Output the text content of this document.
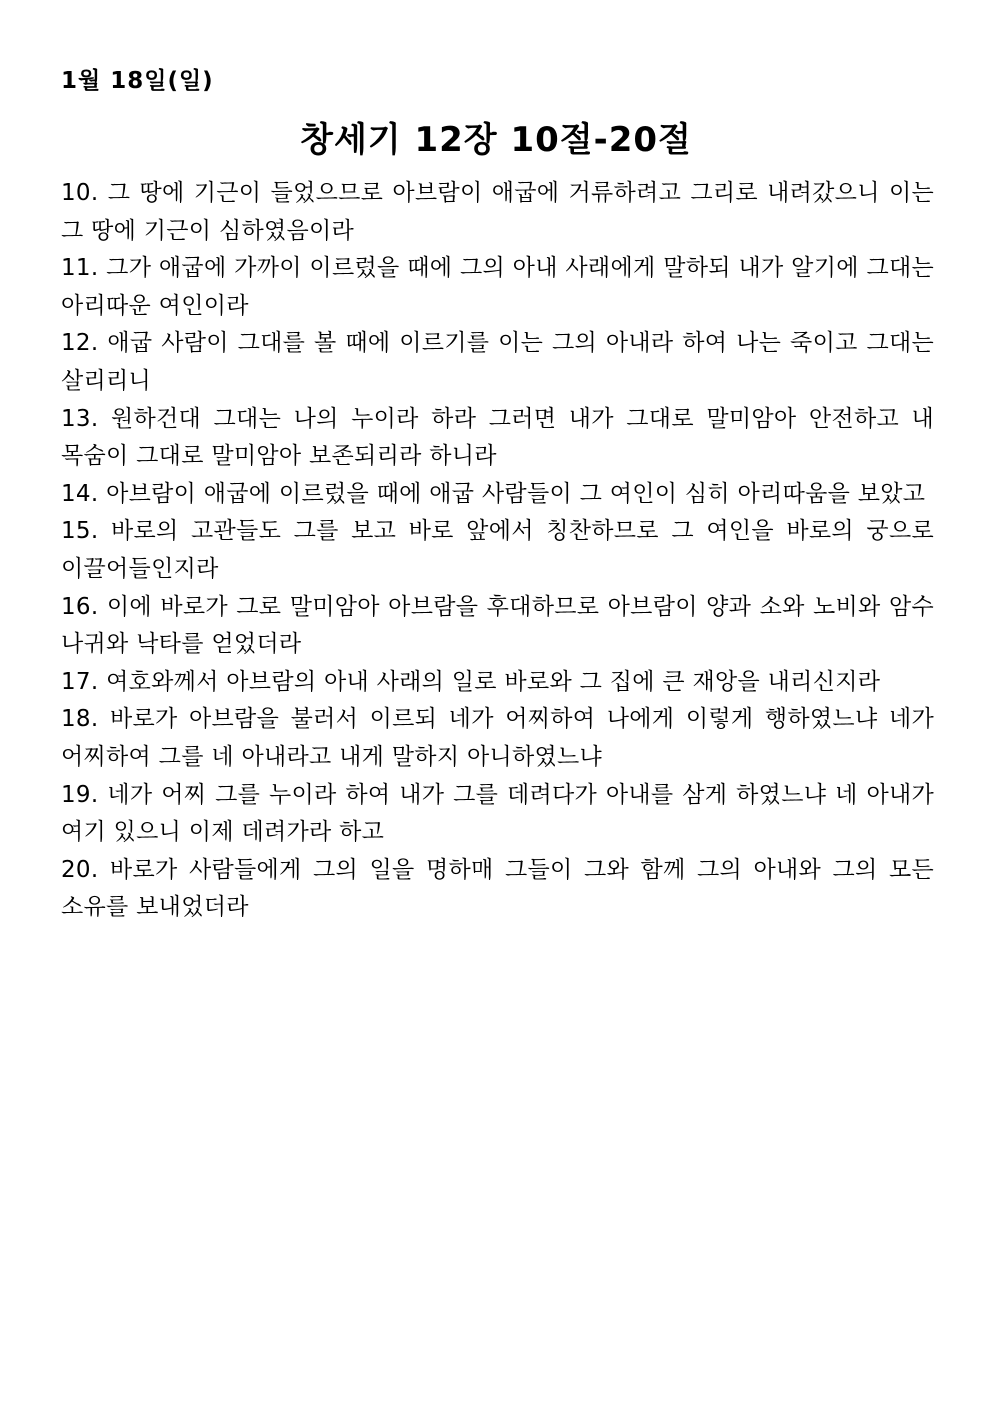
1월 18일(일)
창세기 12장 10절-20절

10. 그 땅에 기근이 들었으므로 아브람이 애굽에 거류하려고 그리로 내려갔으니 이는 그 땅에 기근이 심하였음이라

11. 그가 애굽에 가까이 이르렀을 때에 그의 아내 사래에게 말하되 내가 알기에 그대는 아리따운 여인이라

12. 애굽 사람이 그대를 볼 때에 이르기를 이는 그의 아내라 하여 나는 죽이고 그대는 살리리니

13. 원하건대 그대는 나의 누이라 하라 그러면 내가 그대로 말미암아 안전하고 내 목숨이 그대로 말미암아 보존되리라 하니라

14. 아브람이 애굽에 이르렀을 때에 애굽 사람들이 그 여인이 심히 아리따움을 보았고

15. 바로의 고관들도 그를 보고 바로 앞에서 칭찬하므로 그 여인을 바로의 궁으로 이끌어들인지라

16. 이에 바로가 그로 말미암아 아브람을 후대하므로 아브람이 양과 소와 노비와 암수 나귀와 낙타를 얻었더라

17. 여호와께서 아브람의 아내 사래의 일로 바로와 그 집에 큰 재앙을 내리신지라

18. 바로가 아브람을 불러서 이르되 네가 어찌하여 나에게 이렇게 행하였느냐 네가 어찌하여 그를 네 아내라고 내게 말하지 아니하였느냐

19. 네가 어찌 그를 누이라 하여 내가 그를 데려다가 아내를 삼게 하였느냐 네 아내가 여기 있으니 이제 데려가라 하고

20. 바로가 사람들에게 그의 일을 명하매 그들이 그와 함께 그의 아내와 그의 모든 소유를 보내었더라
